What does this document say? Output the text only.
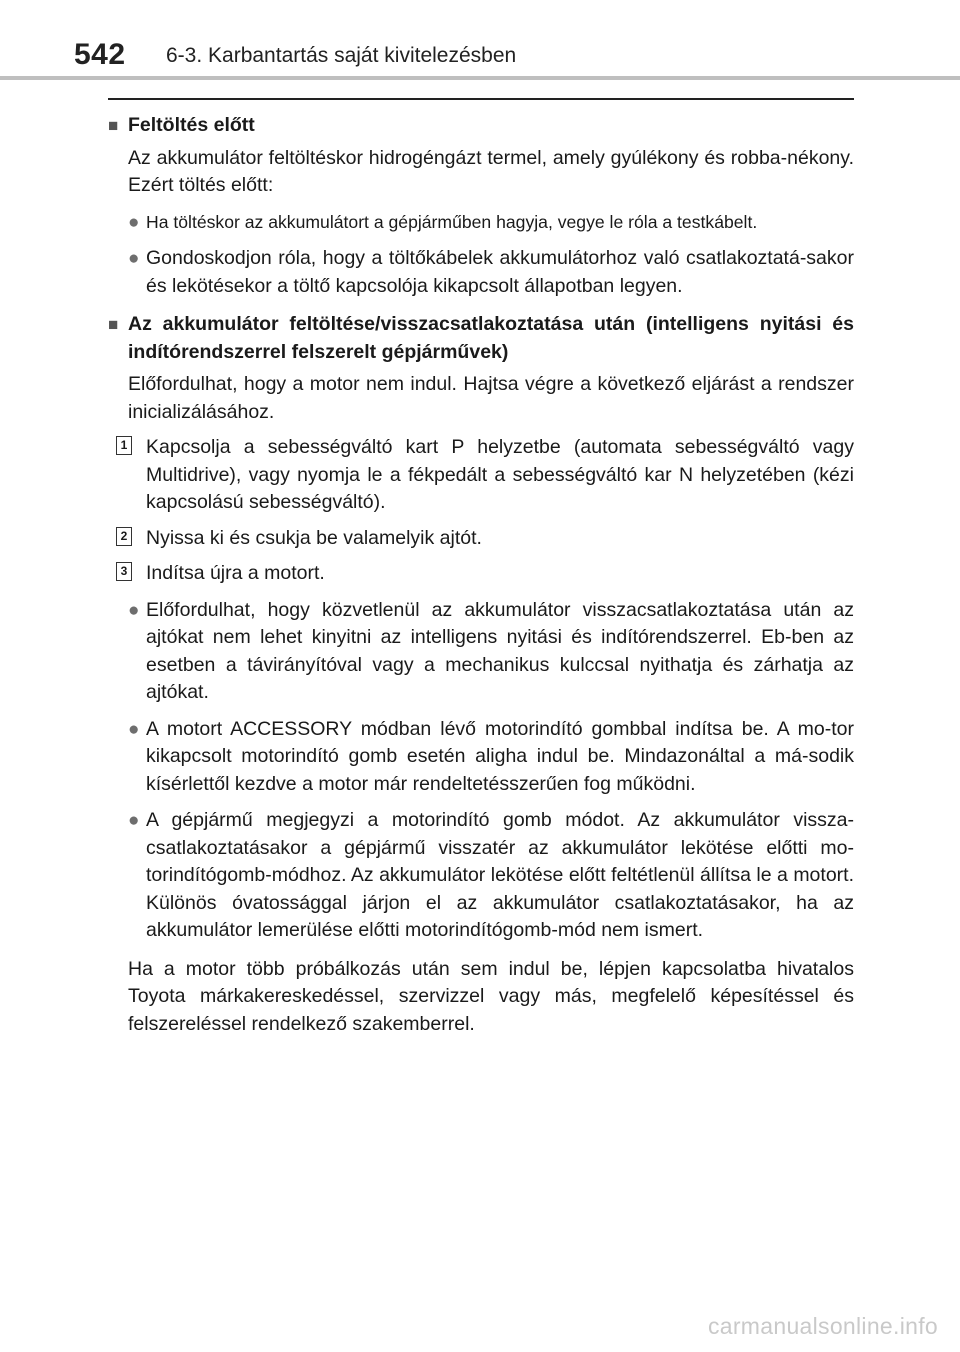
542 6-3. Karbantartás saját kivitelezésben
■ Feltöltés előtt
Az akkumulátor feltöltéskor hidrogéngázt termel, amely gyúlékony és robba-nékony. Ezért töltés előtt:
● Ha töltéskor az akkumulátort a gépjárműben hagyja, vegye le róla a testkábelt.
● Gondoskodjon róla, hogy a töltőkábelek akkumulátorhoz való csatlakoztatá-sakor és lekötésekor a töltő kapcsolója kikapcsolt állapotban legyen.
■ Az akkumulátor feltöltése/visszacsatlakoztatása után (intelligens nyitási és indítórendszerrel felszerelt gépjárművek)
Előfordulhat, hogy a motor nem indul. Hajtsa végre a következő eljárást a rendszer inicializálásához.
1 Kapcsolja a sebességváltó kart P helyzetbe (automata sebességváltó vagy Multidrive), vagy nyomja le a fékpedált a sebességváltó kar N helyzetében (kézi kapcsolású sebességváltó).
2 Nyissa ki és csukja be valamelyik ajtót.
3 Indítsa újra a motort.
● Előfordulhat, hogy közvetlenül az akkumulátor visszacsatlakoztatása után az ajtókat nem lehet kinyitni az intelligens nyitási és indítórendszerrel. Eb-ben az esetben a távirányítóval vagy a mechanikus kulccsal nyithatja és zárhatja az ajtókat.
● A motort ACCESSORY módban lévő motorindító gombbal indítsa be. A mo-tor kikapcsolt motorindító gomb esetén aligha indul be. Mindazonáltal a má-sodik kísérlettől kezdve a motor már rendeltetésszerűen fog működni.
● A gépjármű megjegyzi a motorindító gomb módot. Az akkumulátor vissza-csatlakoztatásakor a gépjármű visszatér az akkumulátor lekötése előtti mo-torindítógomb-módhoz. Az akkumulátor lekötése előtt feltétlenül állítsa le a motort. Különös óvatossággal járjon el az akkumulátor csatlakoztatásakor, ha az akkumulátor lemerülése előtti motorindítógomb-mód nem ismert.
Ha a motor több próbálkozás után sem indul be, lépjen kapcsolatba hivatalos Toyota márkakereskedéssel, szervizzel vagy más, megfelelő képesítéssel és felszereléssel rendelkező szakemberrel.
carmanualsonline.info
